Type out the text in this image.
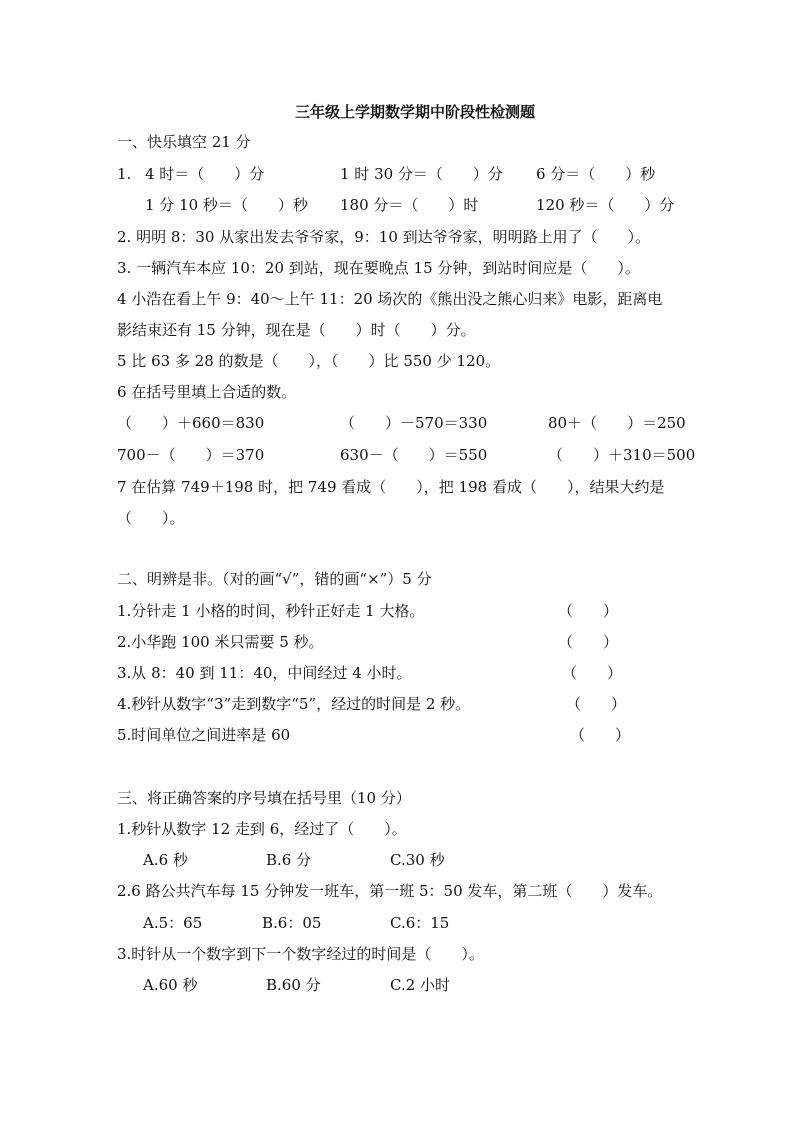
三年级上学期数学期中阶段性检测题
一、快乐填空 21 分
1. 4 时＝（　　）分	1 时 30 分＝（　　）分 6 分＝（　　）秒
1 分 10 秒＝（　　）秒 180 分＝（　　）时	120 秒＝（　　）分
2. 明明 8：30 从家出发去爷爷家，9：10 到达爷爷家，明明路上用了（　　）。
3. 一辆汽车本应 10：20 到站，现在要晚点 15 分钟，到站时间应是（　　）。
4 小浩在看上午 9：40～上午 11：20 场次的《熊出没之熊心归来》电影，距离电
影结束还有 15 分钟，现在是（　　）时（　　）分。
5 比 63 多 28 的数是（　　），（　　）比 550 少 120。
6 在括号里填上合适的数。
（　　）＋660＝830	（　　）－570＝330	80＋（　　）＝250
700－（　　）＝370	630－（　　）＝550	（　　）＋310＝500
7 在估算 749＋198 时，把 749 看成（　　），把 198 看成（　　），结果大约是
（　　）。
二、明辨是非。（对的画“√”，错的画“×”）5 分
1.分针走 1 小格的时间，秒针正好走 1 大格。	（　　）
2.小华跑 100 米只需要 5 秒。	（　　）
3.从 8：40 到 11：40，中间经过 4 小时。	（　　）
4.秒针从数字“3”走到数字“5”，经过的时间是 2 秒。	（　　）
5.时间单位之间进率是 60	（　　）
三、将正确答案的序号填在括号里（10 分）
1.秒针从数字 12 走到 6，经过了（　　）。
A.6 秒	B.6 分	C.30 秒
2.6 路公共汽车每 15 分钟发一班车，第一班 5：50 发车，第二班（　　）发车。
A.5：65	B.6：05	C.6：15
3.时针从一个数字到下一个数字经过的时间是（　　）。
A.60 秒	B.60 分	C.2 小时
